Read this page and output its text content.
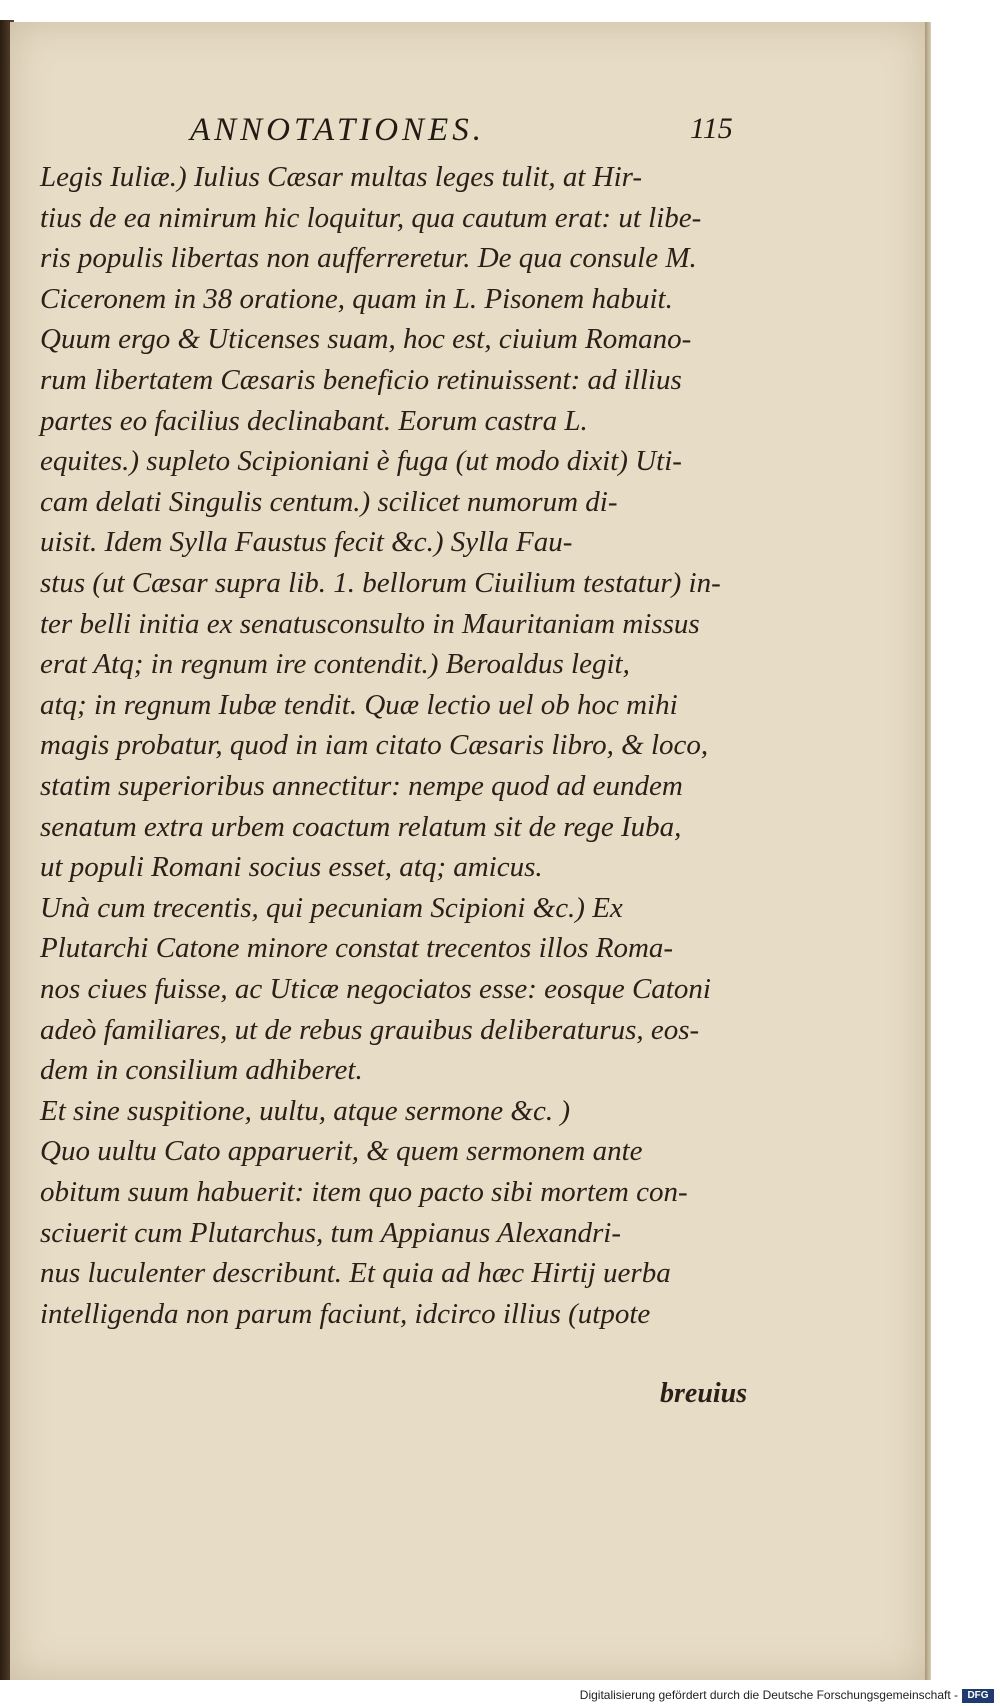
ANNOTATIONES.	115
Legis Iuliæ.) Iulius Cæsar multas leges tulit, at Hir-
tius de ea nimirum hic loquitur, qua cautum erat: ut libe-
ris populis libertas non aufferreretur. De qua consule M.
Ciceronem in 38 oratione, quam in L. Pisonem habuit.
Quum ergo & Uticenses suam, hoc est, ciuium Romano-
rum libertatem Cæsaris beneficio retinuissent: ad illius
partes eo facilius declinabant. Eorum castra L.
equites.) supleto Scipioniani è fuga (ut modo dixit) Uti-
cam delati Singulis centum.) scilicet numorum di-
uisit. Idem Sylla Faustus fecit &c.) Sylla Fau-
stus (ut Cæsar supra lib. 1. bellorum Ciuilium testatur) in-
ter belli initia ex senatusconsulto in Mauritaniam missus
erat Atq; in regnum ire contendit.) Beroaldus legit,
atq; in regnum Iubæ tendit. Quæ lectio uel ob hoc mihi
magis probatur, quod in iam citato Cæsaris libro, & loco,
statim superioribus annectitur: nempe quod ad eundem
senatum extra urbem coactum relatum sit de rege Iuba,
ut populi Romani socius esset, atq; amicus.
Unà cum trecentis, qui pecuniam Scipioni &c.) Ex
Plutarchi Catone minore constat trecentos illos Roma-
nos ciues fuisse, ac Uticæ negociatos esse: eosque Catoni
adeò familiares, ut de rebus grauibus deliberaturus, eos-
dem in consilium adhiberet.
Et sine suspitione, uultu, atque sermone &c. )
Quo uultu Cato apparuerit, & quem sermonem ante
obitum suum habuerit: item quo pacto sibi mortem con-
sciuerit cum Plutarchus, tum Appianus Alexandri-
nus luculenter describunt. Et quia ad hæc Hirtij uerba
intelligenda non parum faciunt, idcirco illius (utpote
breuius
Digitalisierung gefördert durch die Deutsche Forschungsgemeinschaft - DFG
